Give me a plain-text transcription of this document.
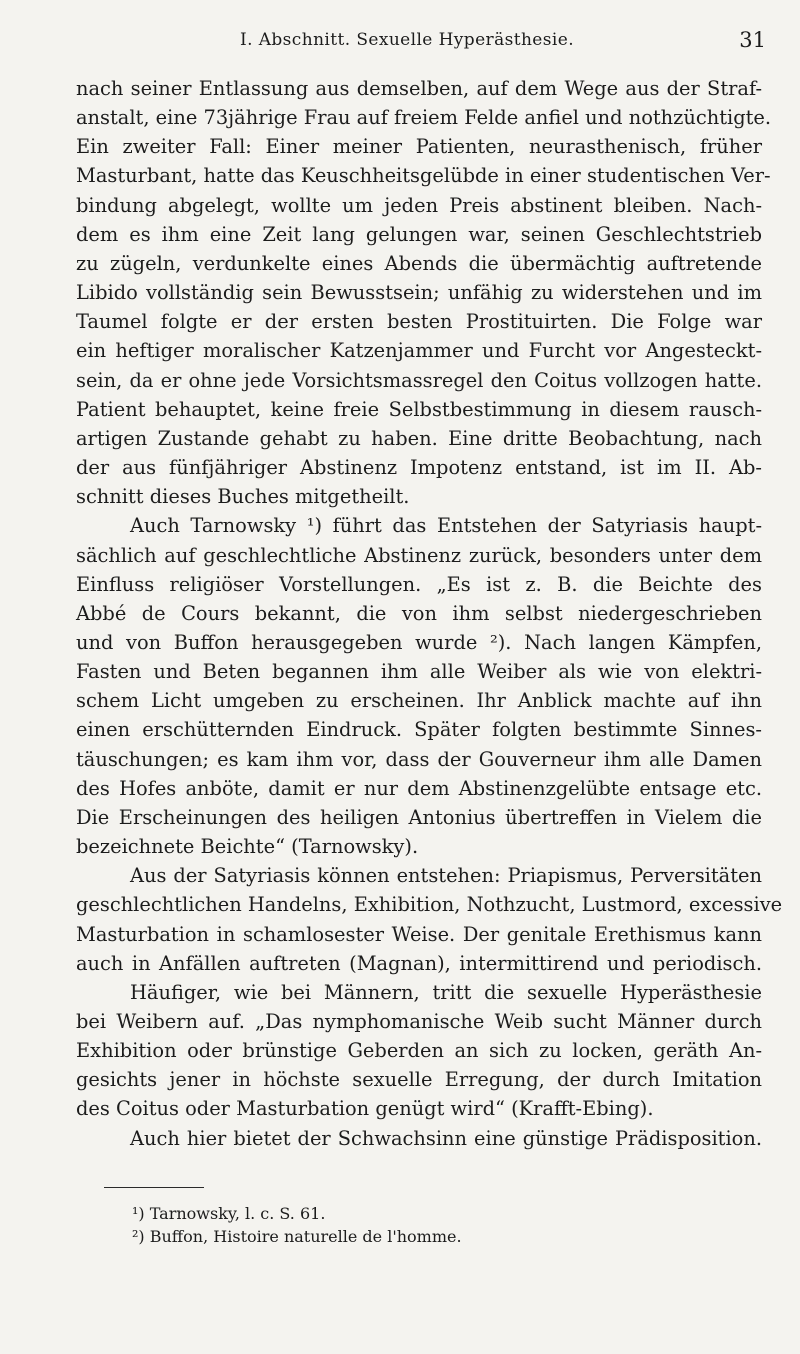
I. Abschnitt. Sexuelle Hyperästhesie.	31
nach seiner Entlassung aus demselben, auf dem Wege aus der Straf-
anstalt, eine 73jährige Frau auf freiem Felde anfiel und nothzüchtigte.
Ein zweiter Fall: Einer meiner Patienten, neurasthenisch, früher
Masturbant, hatte das Keuschheitsgelübde in einer studentischen Ver-
bindung abgelegt, wollte um jeden Preis abstinent bleiben. Nach-
dem es ihm eine Zeit lang gelungen war, seinen Geschlechtstrieb
zu zügeln, verdunkelte eines Abends die übermächtig auftretende
Libido vollständig sein Bewusstsein; unfähig zu widerstehen und im
Taumel folgte er der ersten besten Prostituirten. Die Folge war
ein heftiger moralischer Katzenjammer und Furcht vor Angesteckt-
sein, da er ohne jede Vorsichtsmassregel den Coitus vollzogen hatte.
Patient behauptet, keine freie Selbstbestimmung in diesem rausch-
artigen Zustande gehabt zu haben. Eine dritte Beobachtung, nach
der aus fünfjähriger Abstinenz Impotenz entstand, ist im II. Ab-
schnitt dieses Buches mitgetheilt.
Auch Tarnowsky ¹) führt das Entstehen der Satyriasis haupt-
sächlich auf geschlechtliche Abstinenz zurück, besonders unter dem
Einfluss religiöser Vorstellungen. „Es ist z. B. die Beichte des
Abbé de Cours bekannt, die von ihm selbst niedergeschrieben
und von Buffon herausgegeben wurde ²). Nach langen Kämpfen,
Fasten und Beten begannen ihm alle Weiber als wie von elektri-
schem Licht umgeben zu erscheinen. Ihr Anblick machte auf ihn
einen erschütternden Eindruck. Später folgten bestimmte Sinnes-
täuschungen; es kam ihm vor, dass der Gouverneur ihm alle Damen
des Hofes anböte, damit er nur dem Abstinenzgelübte entsage etc.
Die Erscheinungen des heiligen Antonius übertreffen in Vielem die
bezeichnete Beichte“ (Tarnowsky).
Aus der Satyriasis können entstehen: Priapismus, Perversitäten
geschlechtlichen Handelns, Exhibition, Nothzucht, Lustmord, excessive
Masturbation in schamlosester Weise. Der genitale Erethismus kann
auch in Anfällen auftreten (Magnan), intermittirend und periodisch.
Häufiger, wie bei Männern, tritt die sexuelle Hyperästhesie
bei Weibern auf. „Das nymphomanische Weib sucht Männer durch
Exhibition oder brünstige Geberden an sich zu locken, geräth An-
gesichts jener in höchste sexuelle Erregung, der durch Imitation
des Coitus oder Masturbation genügt wird“ (Krafft-Ebing).
Auch hier bietet der Schwachsinn eine günstige Prädisposition.
¹) Tarnowsky, l. c. S. 61.
²) Buffon, Histoire naturelle de l'homme.
